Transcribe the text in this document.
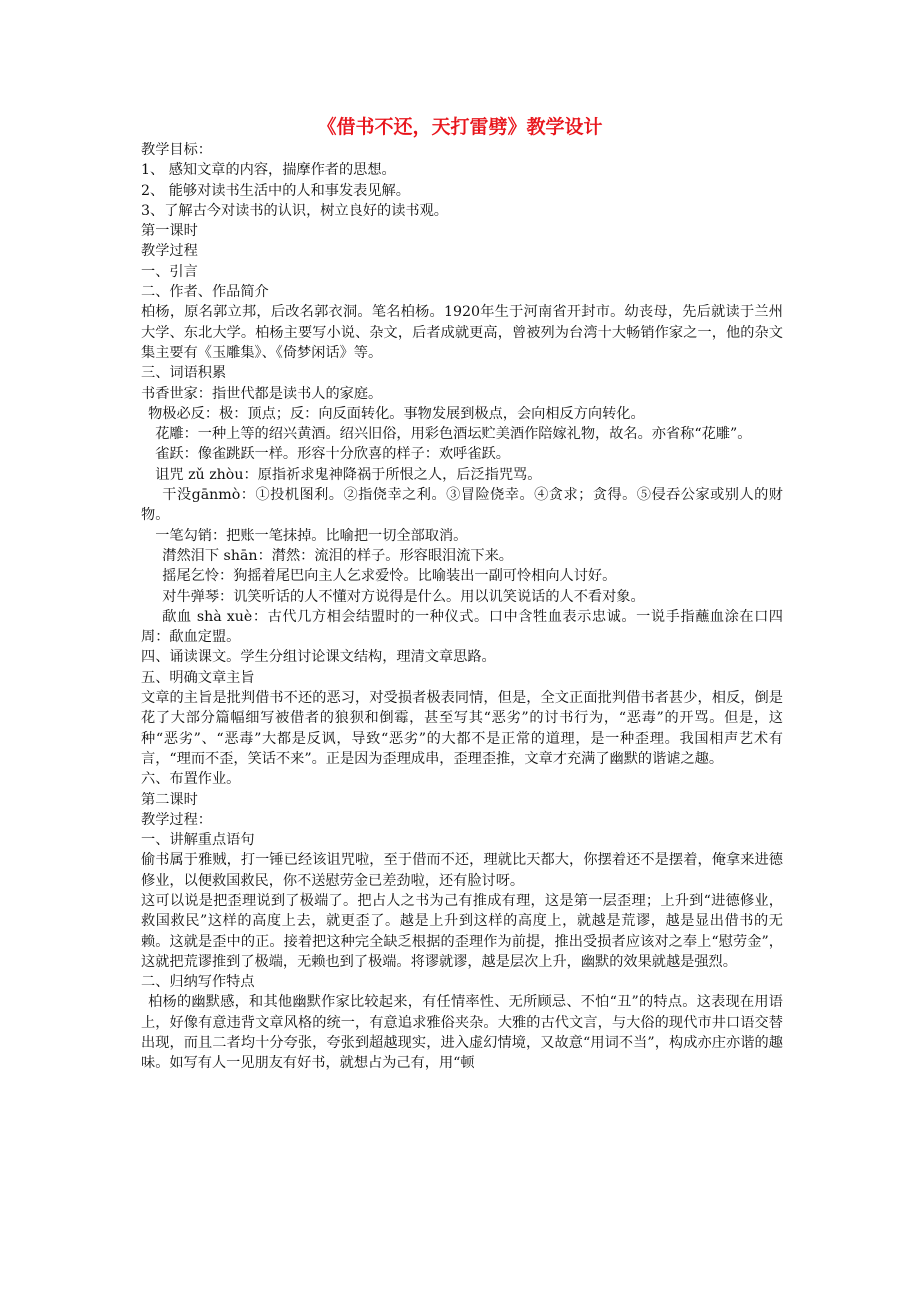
《借书不还，天打雷劈》教学设计

教学目标：

1、 感知文章的内容，揣摩作者的思想。

2、 能够对读书生活中的人和事发表见解。

3、了解古今对读书的认识，树立良好的读书观。

第一课时

教学过程

一、引言

二、作者、作品简介

柏杨，原名郭立邦，后改名郭衣洞。笔名柏杨。1920年生于河南省开封市。幼丧母，先后就读于兰州大学、东北大学。柏杨主要写小说、杂文，后者成就更高，曾被列为台湾十大畅销作家之一，他的杂文集主要有《玉雕集》、《倚梦闲话》等。

三、词语积累

书香世家：指世代都是读书人的家庭。

物极必反：极：顶点；反：向反面转化。事物发展到极点，会向相反方向转化。

花雕：一种上等的绍兴黄酒。绍兴旧俗，用彩色酒坛贮美酒作陪嫁礼物，故名。亦省称“花雕”。

雀跃：像雀跳跃一样。形容十分欣喜的样子：欢呼雀跃。

诅咒 zǔ zhòu：原指祈求鬼神降祸于所恨之人，后泛指咒骂。

干没gānmò：①投机图利。②指侥幸之利。③冒险侥幸。④贪求；贪得。⑤侵吞公家或别人的财物。

一笔勾销：把账一笔抹掉。比喻把一切全部取消。

潸然泪下 shān：潸然：流泪的样子。形容眼泪流下来。

摇尾乞怜：狗摇着尾巴向主人乞求爱怜。比喻装出一副可怜相向人讨好。

对牛弹琴：讥笑听话的人不懂对方说得是什么。用以讥笑说话的人不看对象。

歃血 shà xuè：古代几方相会结盟时的一种仪式。口中含牲血表示忠诚。一说手指蘸血涂在口四周：歃血定盟。

四、诵读课文。学生分组讨论课文结构，理清文章思路。

五、明确文章主旨

文章的主旨是批判借书不还的恶习，对受损者极表同情，但是，全文正面批判借书者甚少，相反，倒是花了大部分篇幅细写被借者的狼狈和倒霉，甚至写其“恶劣”的讨书行为，“恶毒”的开骂。但是，这种“恶劣”、“恶毒”大都是反讽，导致“恶劣”的大都不是正常的道理，是一种歪理。我国相声艺术有言，“理而不歪，笑话不来”。正是因为歪理成串，歪理歪推，文章才充满了幽默的谐谑之趣。

六、布置作业。

第二课时

教学过程：

一、讲解重点语句

偷书属于雅贼，打一锤已经该诅咒啦，至于借而不还，理就比天都大，你摆着还不是摆着，俺拿来进德修业，以便救国救民，你不送慰劳金已差劲啦，还有脸讨呀。

这可以说是把歪理说到了极端了。把占人之书为己有推成有理，这是第一层歪理；上升到“进德修业，救国救民”这样的高度上去，就更歪了。越是上升到这样的高度上，就越是荒谬，越是显出借书的无赖。这就是歪中的正。接着把这种完全缺乏根据的歪理作为前提，推出受损者应该对之奉上“慰劳金”，这就把荒谬推到了极端，无赖也到了极端。将谬就谬，越是层次上升，幽默的效果就越是强烈。

二、归纳写作特点

柏杨的幽默感，和其他幽默作家比较起来，有任情率性、无所顾忌、不怕“丑”的特点。这表现在用语上，好像有意违背文章风格的统一，有意追求雅俗夹杂。大雅的古代文言，与大俗的现代市井口语交替出现，而且二者均十分夸张，夸张到超越现实，进入虚幻情境，又故意“用词不当”，构成亦庄亦谐的趣味。如写有人一见朋友有好书，就想占为己有，用“顿
